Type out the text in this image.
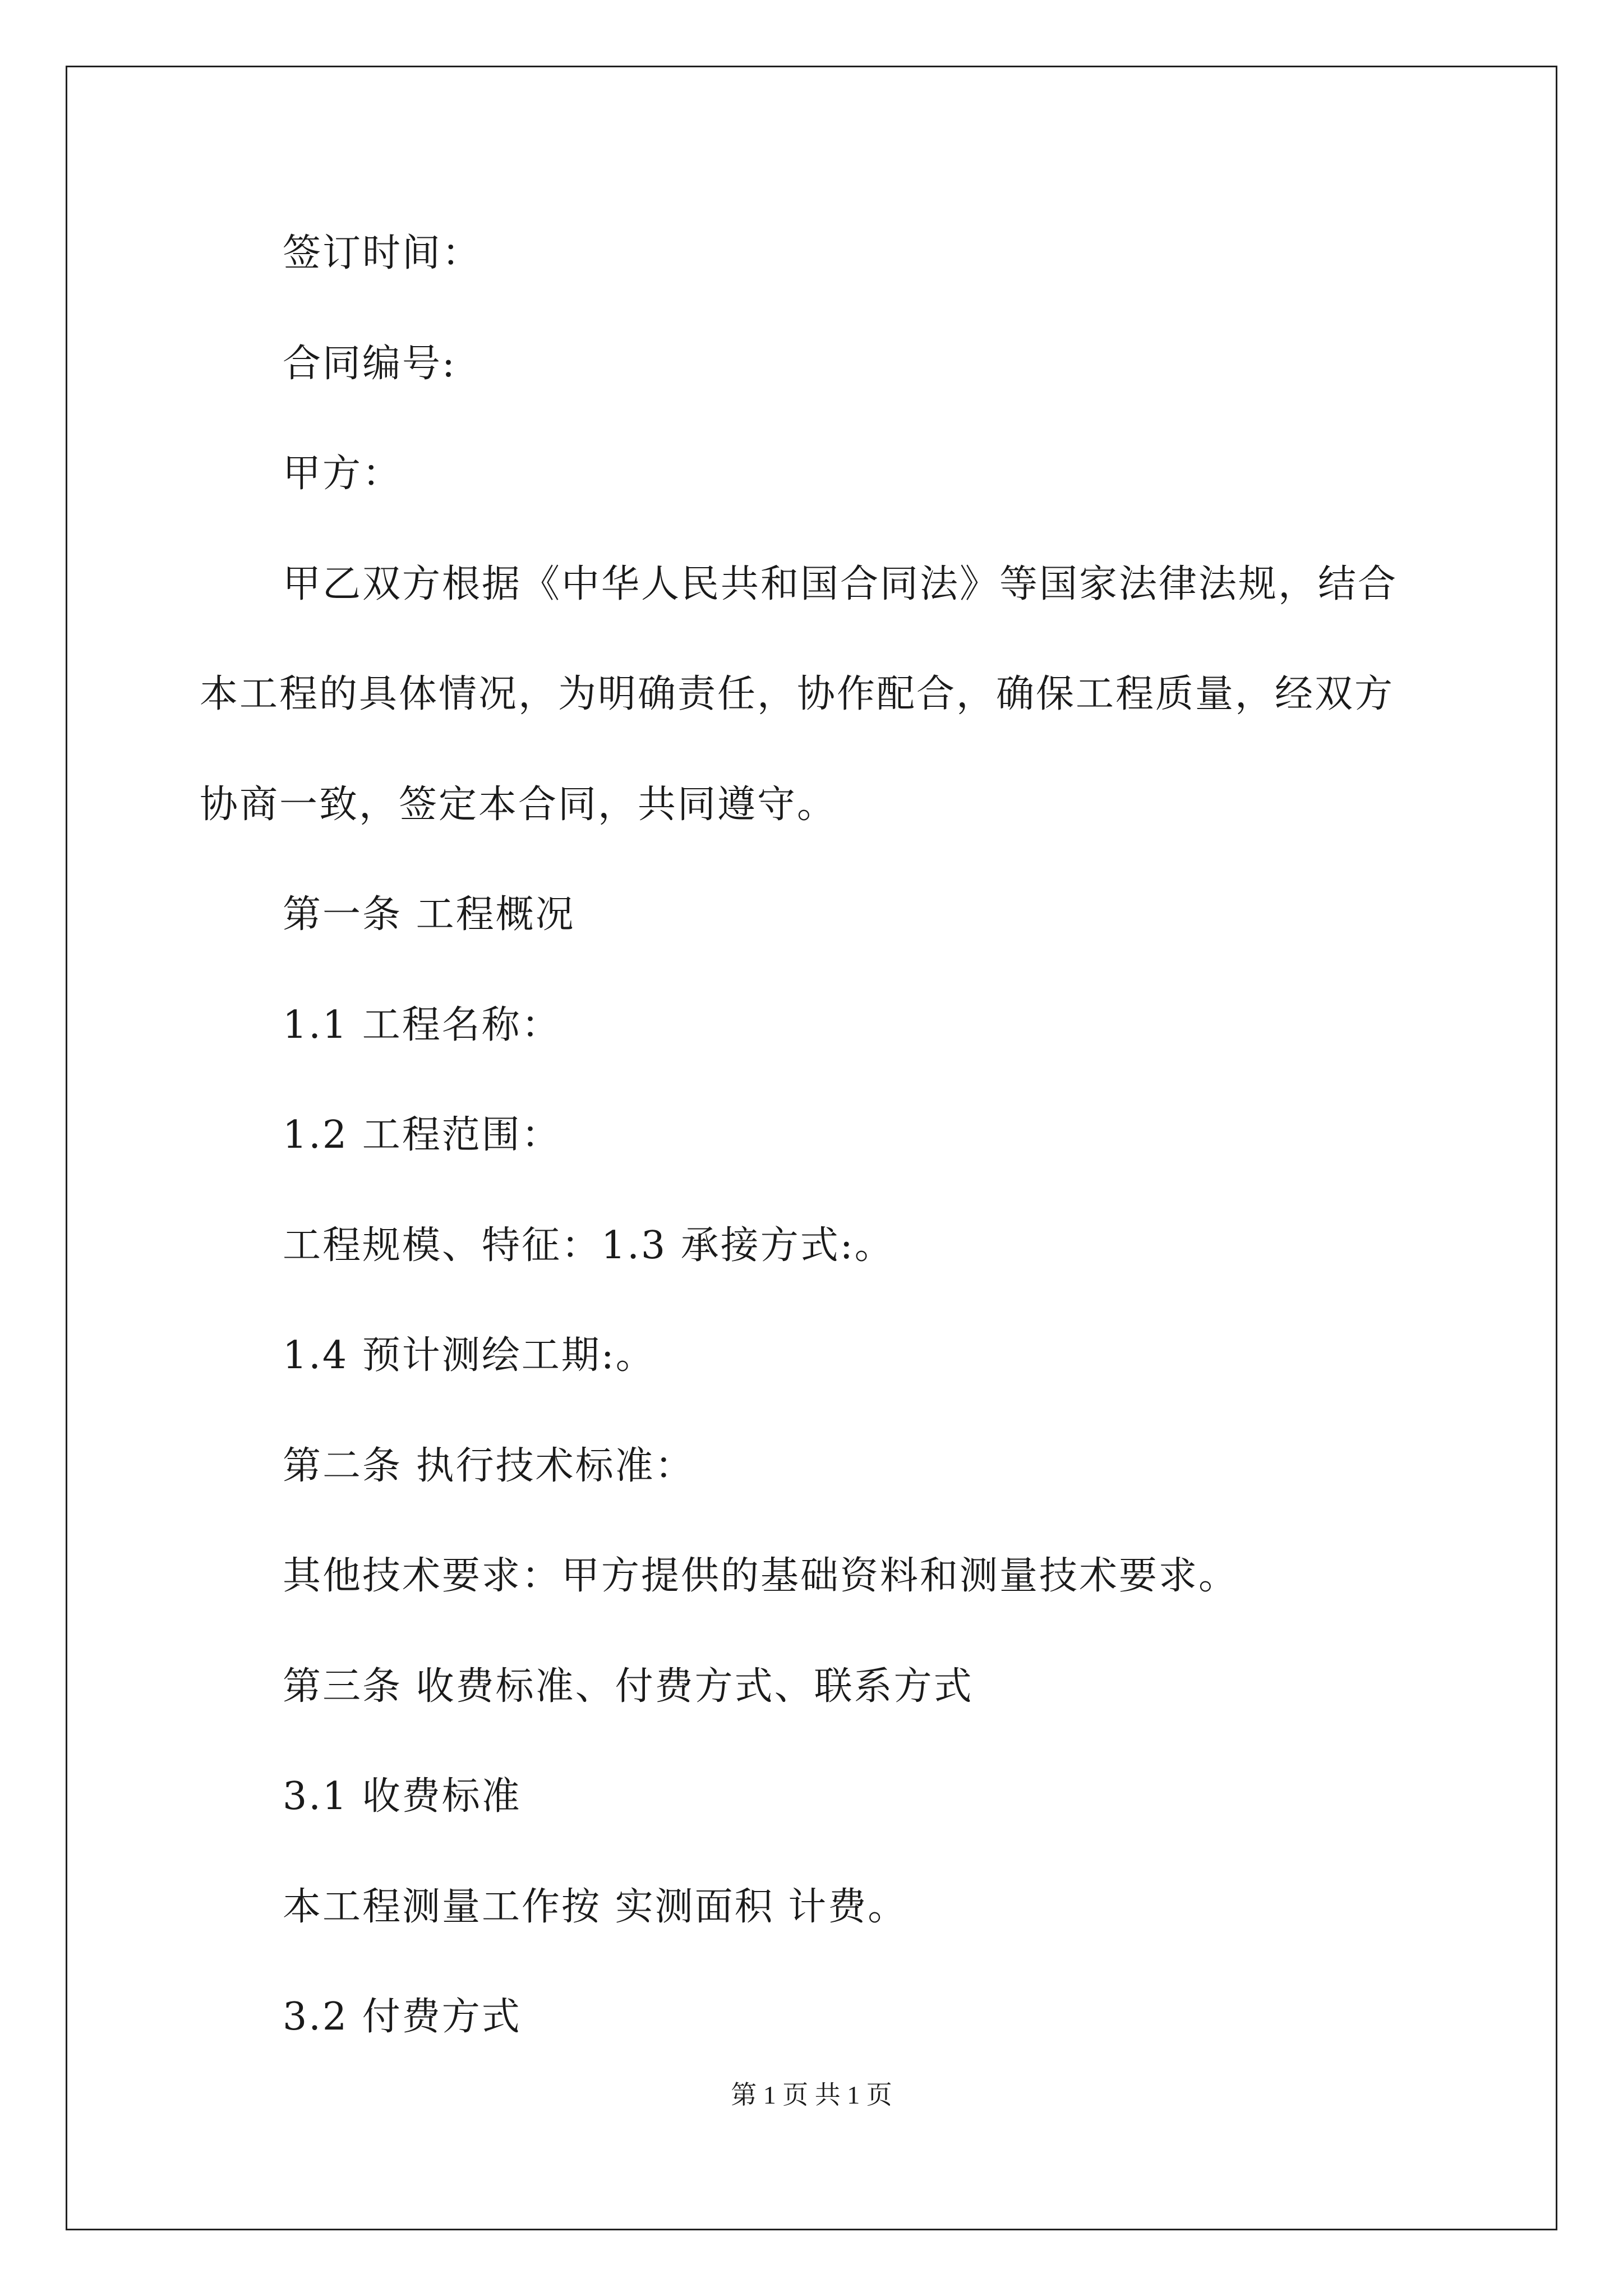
签订时间：
合同编号:
甲方：
甲乙双方根据《中华人民共和国合同法》等国家法律法规，结合
本工程的具体情况，为明确责任，协作配合，确保工程质量，经双方
协商一致，签定本合同，共同遵守。
第一条 工程概况
1.1 工程名称：
1.2 工程范围：
工程规模、特征：1.3 承接方式:。
1.4 预计测绘工期:。
第二条 执行技术标准：
其他技术要求：甲方提供的基础资料和测量技术要求。
第三条 收费标准、付费方式、联系方式
3.1 收费标准
本工程测量工作按 实测面积 计费。
3.2 付费方式
第 1 页 共 1 页
